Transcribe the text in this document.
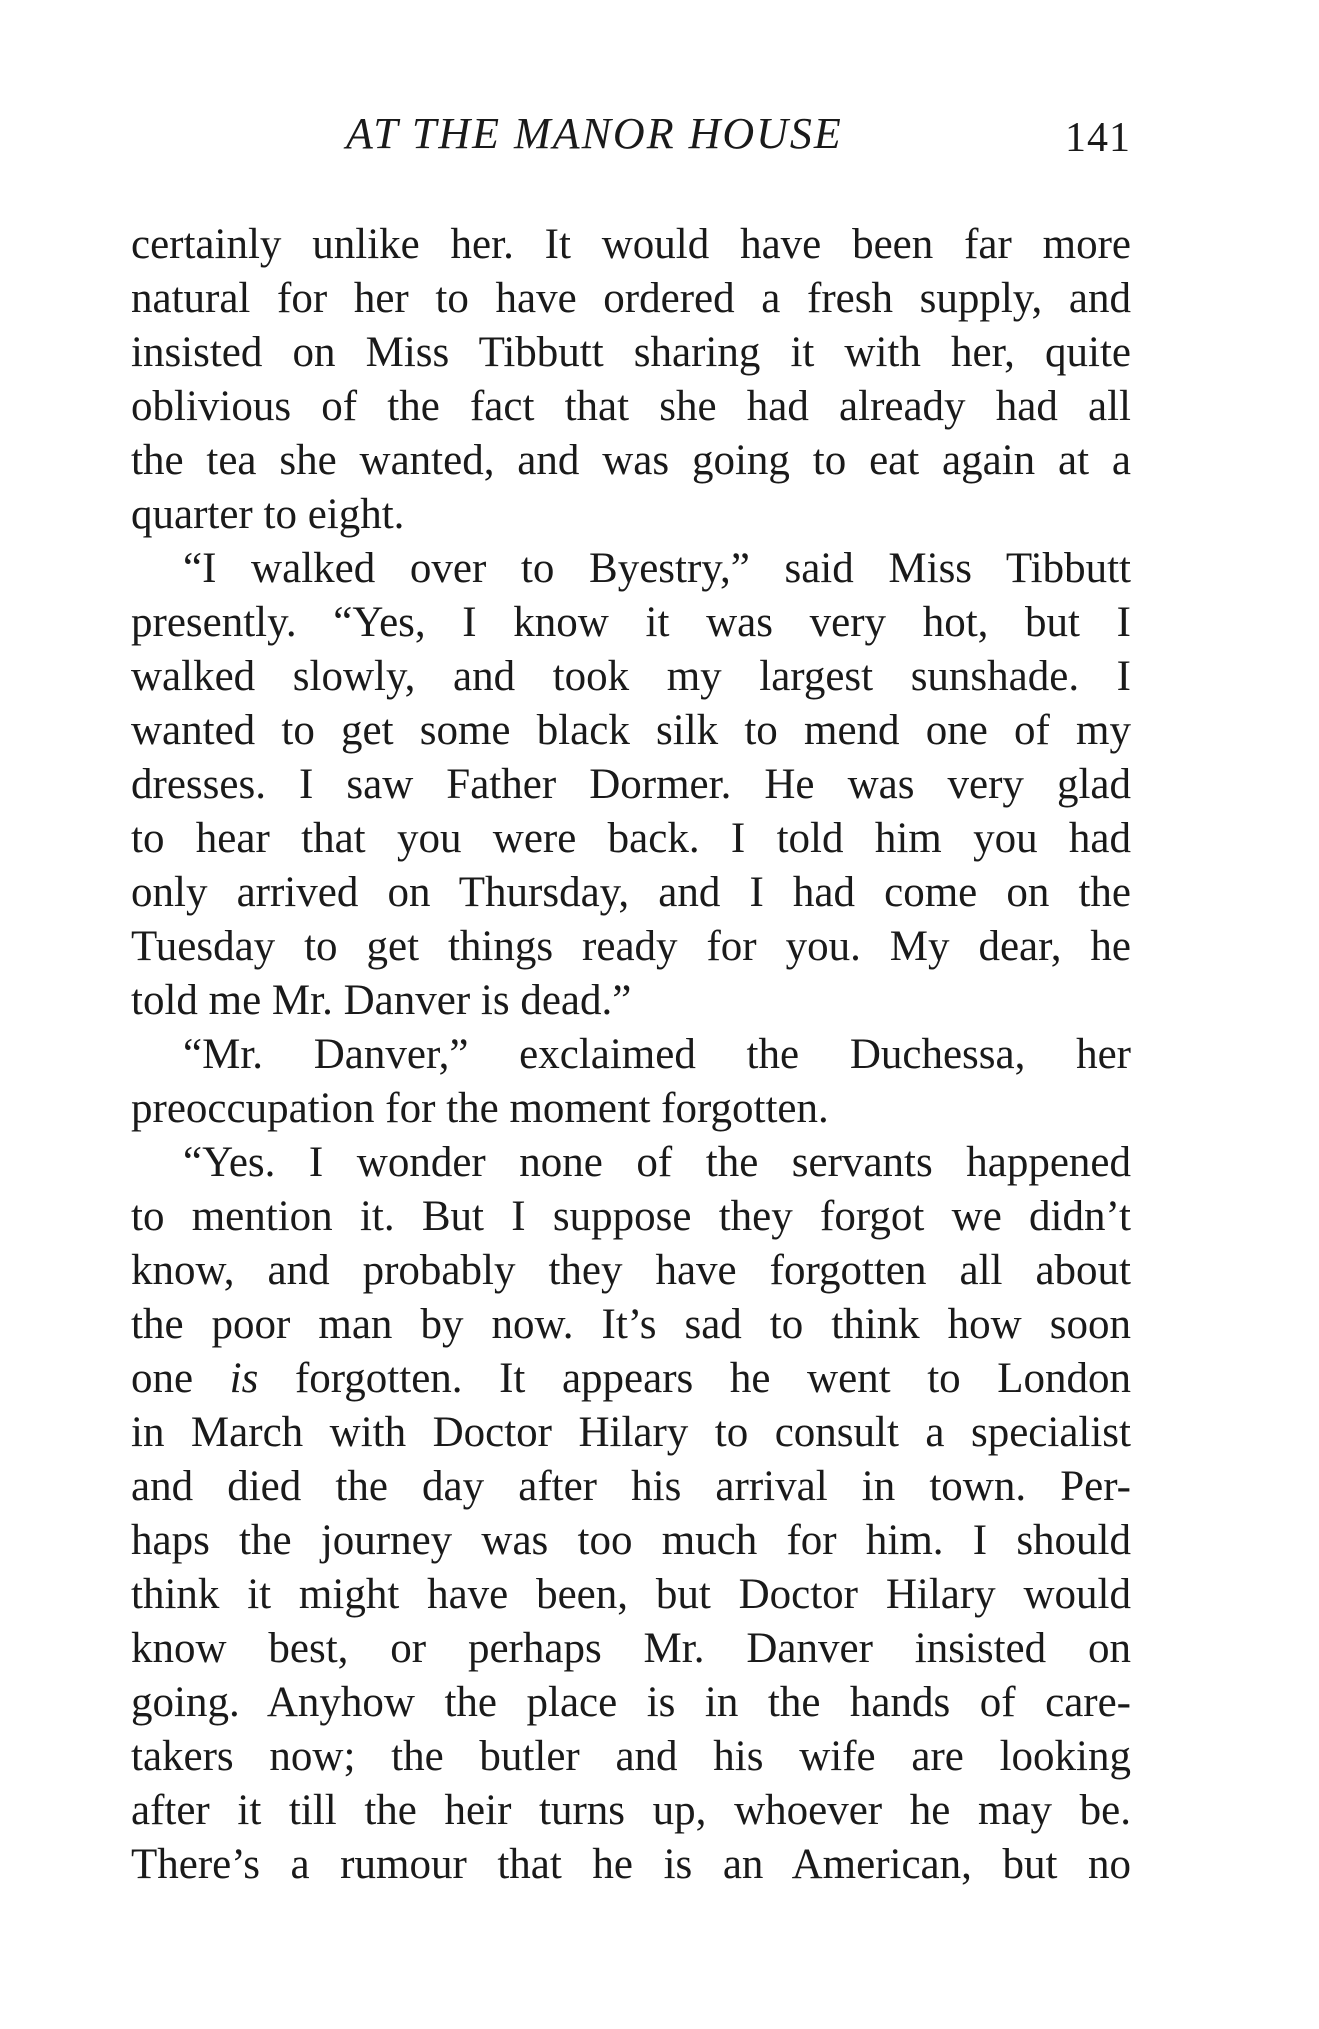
AT THE MANOR HOUSE	141
certainly unlike her. It would have been far more
natural for her to have ordered a fresh supply, and
insisted on Miss Tibbutt sharing it with her, quite
oblivious of the fact that she had already had all
the tea she wanted, and was going to eat again at a
quarter to eight.
“I walked over to Byestry,” said Miss Tibbutt
presently. “Yes, I know it was very hot, but I
walked slowly, and took my largest sunshade. I
wanted to get some black silk to mend one of my
dresses. I saw Father Dormer. He was very glad
to hear that you were back. I told him you had
only arrived on Thursday, and I had come on the
Tuesday to get things ready for you. My dear, he
told me Mr. Danver is dead.”
“Mr. Danver,” exclaimed the Duchessa, her
preoccupation for the moment forgotten.
“Yes. I wonder none of the servants happened
to mention it. But I suppose they forgot we didn’t
know, and probably they have forgotten all about
the poor man by now. It’s sad to think how soon
one is forgotten. It appears he went to London
in March with Doctor Hilary to consult a specialist
and died the day after his arrival in town. Per-
haps the journey was too much for him. I should
think it might have been, but Doctor Hilary would
know best, or perhaps Mr. Danver insisted on
going. Anyhow the place is in the hands of care-
takers now; the butler and his wife are looking
after it till the heir turns up, whoever he may be.
There’s a rumour that he is an American, but no
